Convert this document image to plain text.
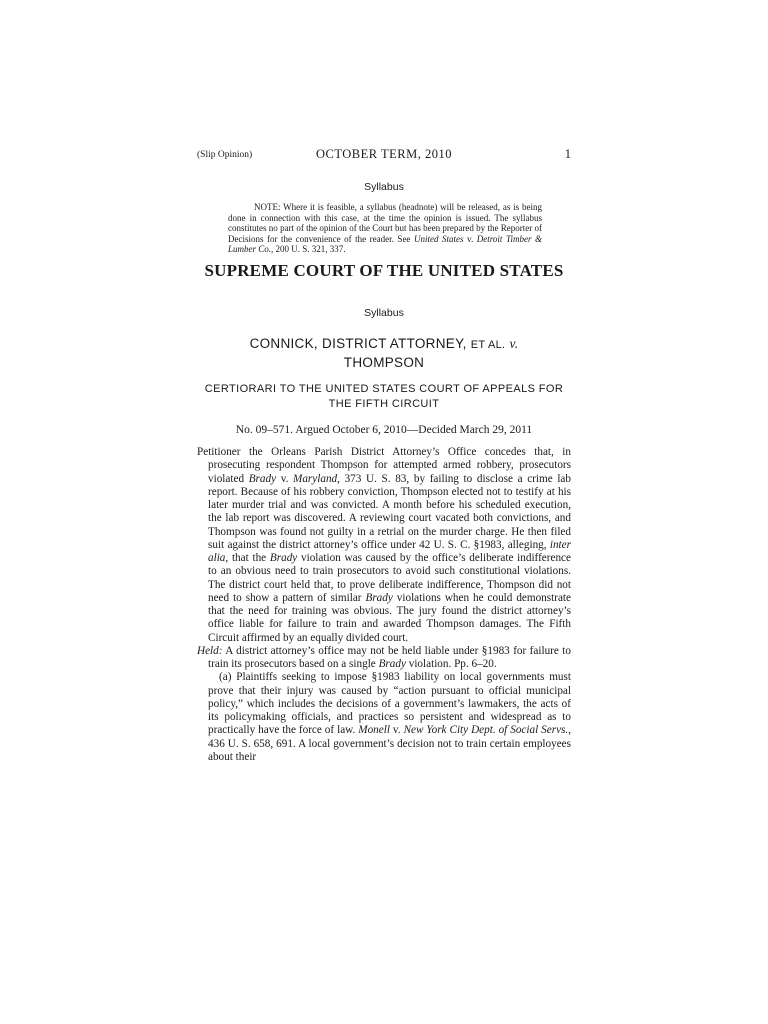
(Slip Opinion)	OCTOBER TERM, 2010	1
Syllabus

NOTE: Where it is feasible, a syllabus (headnote) will be released, as is being done in connection with this case, at the time the opinion is issued. The syllabus constitutes no part of the opinion of the Court but has been prepared by the Reporter of Decisions for the convenience of the reader. See United States v. Detroit Timber & Lumber Co., 200 U. S. 321, 337.

SUPREME COURT OF THE UNITED STATES
Syllabus
CONNICK, DISTRICT ATTORNEY, ET AL. v.
THOMPSON
CERTIORARI TO THE UNITED STATES COURT OF APPEALS FOR
THE FIFTH CIRCUIT
No. 09–571. Argued October 6, 2010—Decided March 29, 2011

Petitioner the Orleans Parish District Attorney’s Office concedes that, in prosecuting respondent Thompson for attempted armed robbery, prosecutors violated Brady v. Maryland, 373 U. S. 83, by failing to disclose a crime lab report. Because of his robbery conviction, Thompson elected not to testify at his later murder trial and was convicted. A month before his scheduled execution, the lab report was discovered. A reviewing court vacated both convictions, and Thompson was found not guilty in a retrial on the murder charge. He then filed suit against the district attorney’s office under 42 U. S. C. §1983, alleging, inter alia, that the Brady violation was caused by the office’s deliberate indifference to an obvious need to train prosecutors to avoid such constitutional violations. The district court held that, to prove deliberate indifference, Thompson did not need to show a pattern of similar Brady violations when he could demonstrate that the need for training was obvious. The jury found the district attorney’s office liable for failure to train and awarded Thompson damages. The Fifth Circuit affirmed by an equally divided court.

Held: A district attorney’s office may not be held liable under §1983 for failure to train its prosecutors based on a single Brady violation. Pp. 6–20.

(a) Plaintiffs seeking to impose §1983 liability on local governments must prove that their injury was caused by “action pursuant to official municipal policy,” which includes the decisions of a government’s lawmakers, the acts of its policymaking officials, and practices so persistent and widespread as to practically have the force of law. Monell v. New York City Dept. of Social Servs., 436 U. S. 658, 691. A local government’s decision not to train certain employees about their
